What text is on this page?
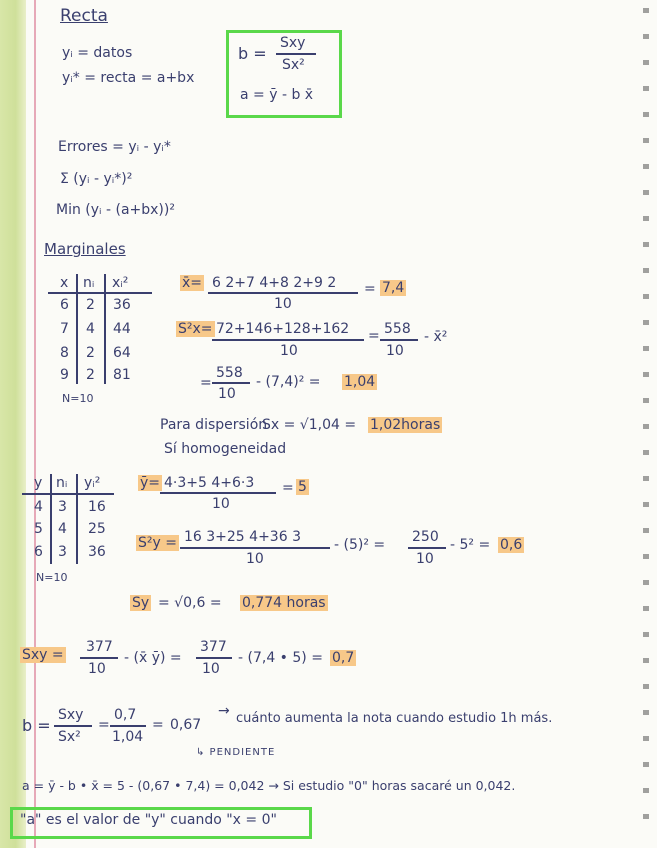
Recta
yᵢ = datos
yᵢ* = recta = a+bx
b =
Sxy
Sx²
a = ȳ - b x̄
Errores = yᵢ - yᵢ*
Σ (yᵢ - yᵢ*)²
Min (yᵢ - (a+bx))²
Marginales
x nᵢ xᵢ²
6 2 36
7 4 44
8 2 64
9 2 81
N=10
x̄= 6 2+7 4+8 2+9 2
10
= 7,4
S²x= 72+146+128+162
10
= 558
10
- x̄²
=
558
10
- (7,4)² = 1,04
Para dispersión
Sx = √1,04 = 1,02horas
Sí homogeneidad
y nᵢ yᵢ²
4 3 16
5 4 25
6 3 36
N=10
ȳ= 4·3+5 4+6·3
10
= 5
S²y = 16 3+25 4+36 3
10
- (5)² = 250
10
- 5² = 0,6
Sy = √0,6 = 0,774 horas
Sxy = 377
10
- (x̄ ȳ) =
377
10
- (7,4 • 5) = 0,7
b =
Sxy
Sx²
=
0,7
1,04
= 0,67
→ cuánto aumenta la nota cuando estudio 1h más.
↳ PENDIENTE
a = ȳ - b • x̄ = 5 - (0,67 • 7,4) = 0,042 → Si estudio "0" horas sacaré un 0,042.
"a" es el valor de "y" cuando "x = 0"
